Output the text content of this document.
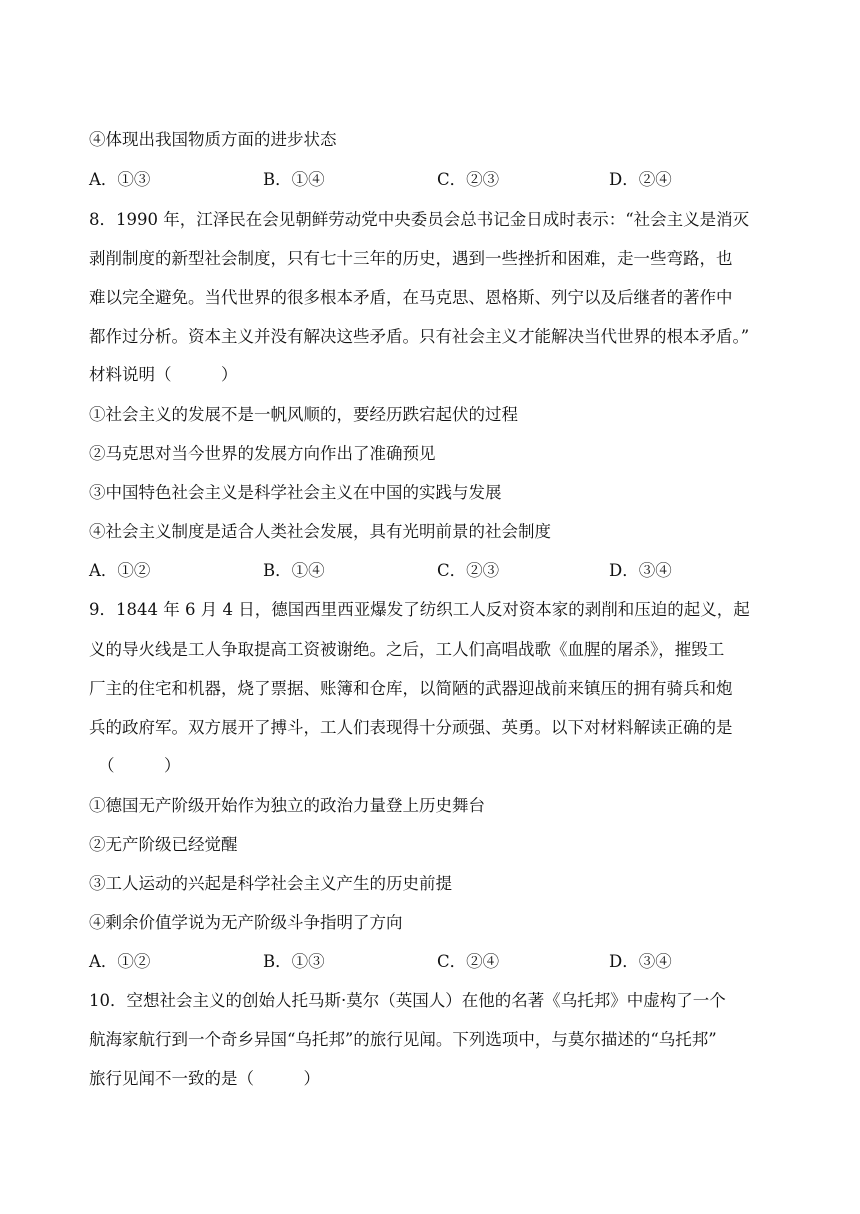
④体现出我国物质方面的进步状态
A．①③	B．①④	C．②③	D．②④
8．1990 年，江泽民在会见朝鲜劳动党中央委员会总书记金日成时表示：“社会主义是消灭
剥削制度的新型社会制度，只有七十三年的历史，遇到一些挫折和困难，走一些弯路，也
难以完全避免。当代世界的很多根本矛盾，在马克思、恩格斯、列宁以及后继者的著作中
都作过分析。资本主义并没有解决这些矛盾。只有社会主义才能解决当代世界的根本矛盾。”
材料说明（　　　）
①社会主义的发展不是一帆风顺的，要经历跌宕起伏的过程
②马克思对当今世界的发展方向作出了准确预见
③中国特色社会主义是科学社会主义在中国的实践与发展
④社会主义制度是适合人类社会发展，具有光明前景的社会制度
A．①②	B．①④	C．②③	D．③④
9．1844 年 6 月 4 日，德国西里西亚爆发了纺织工人反对资本家的剥削和压迫的起义，起
义的导火线是工人争取提高工资被谢绝。之后，工人们高唱战歌《血腥的屠杀》，摧毁工
厂主的住宅和机器，烧了票据、账簿和仓库，以简陋的武器迎战前来镇压的拥有骑兵和炮
兵的政府军。双方展开了搏斗，工人们表现得十分顽强、英勇。以下对材料解读正确的是
（　　　）
①德国无产阶级开始作为独立的政治力量登上历史舞台
②无产阶级已经觉醒
③工人运动的兴起是科学社会主义产生的历史前提
④剩余价值学说为无产阶级斗争指明了方向
A．①②	B．①③	C．②④	D．③④
10．空想社会主义的创始人托马斯·莫尔（英国人）在他的名著《乌托邦》中虚构了一个
航海家航行到一个奇乡异国“乌托邦”的旅行见闻。下列选项中，与莫尔描述的“乌托邦”
旅行见闻不一致的是（　　　）
